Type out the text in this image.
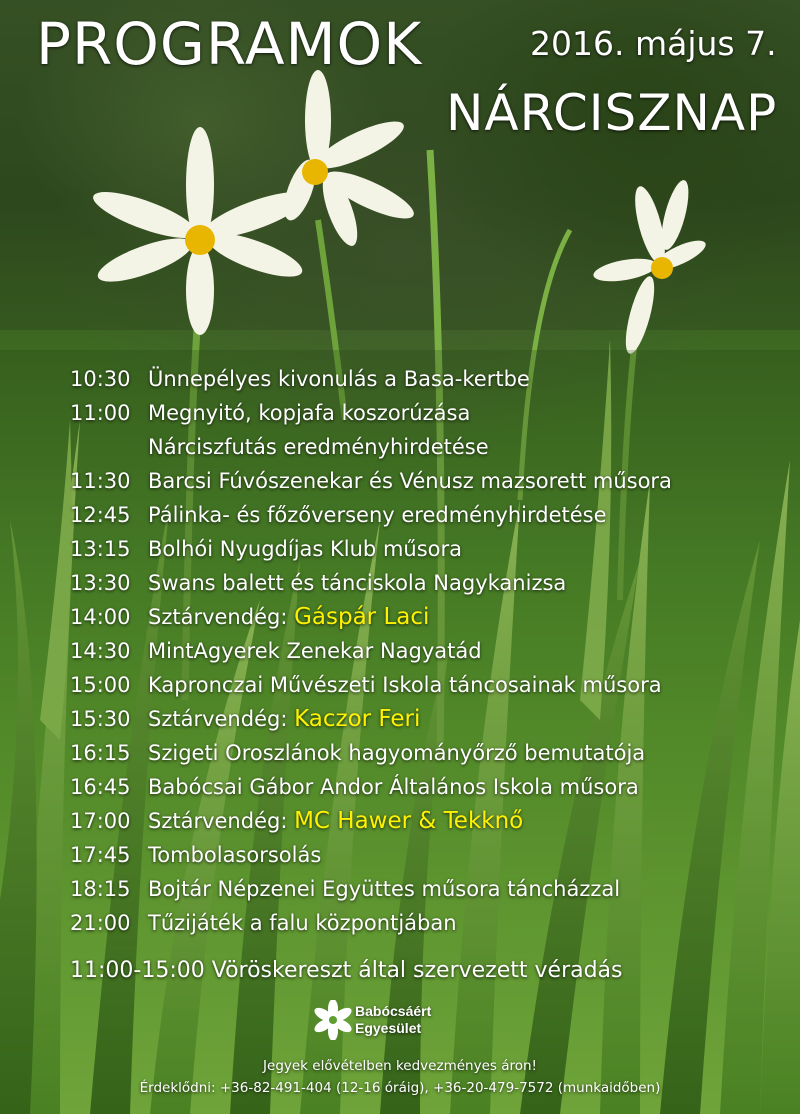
PROGRAMOK	2016. május 7.
NÁRCISZNAP
10:30 Ünnepélyes kivonulás a Basa-kertbe
11:00 Megnyitó, kopjafa koszorúzása
Nárciszfutás eredményhirdetése
11:30 Barcsi Fúvószenekar és Vénusz mazsorett műsora
12:45 Pálinka- és főzőverseny eredményhirdetése
13:15 Bolhói Nyugdíjas Klub műsora
13:30 Swans balett és tánciskola Nagykanizsa
14:00 Sztárvendég: Gáspár Laci
14:30 MintAgyerek Zenekar Nagyatád
15:00 Kapronczai Művészeti Iskola táncosainak műsora
15:30 Sztárvendég: Kaczor Feri
16:15 Szigeti Oroszlánok hagyományőrző bemutatója
16:45 Babócsai Gábor Andor Általános Iskola műsora
17:00 Sztárvendég: MC Hawer & Tekknő
17:45 Tombolasorsolás
18:15 Bojtár Népzenei Együttes műsora táncházzal
21:00 Tűzijáték a falu központjában
11:00-15:00 Vöröskereszt által szervezett véradás
Babócsáért
Egyesület
Jegyek elővételben kedvezményes áron!
Érdeklődni: +36-82-491-404 (12-16 óráig), +36-20-479-7572 (munkaidőben)
